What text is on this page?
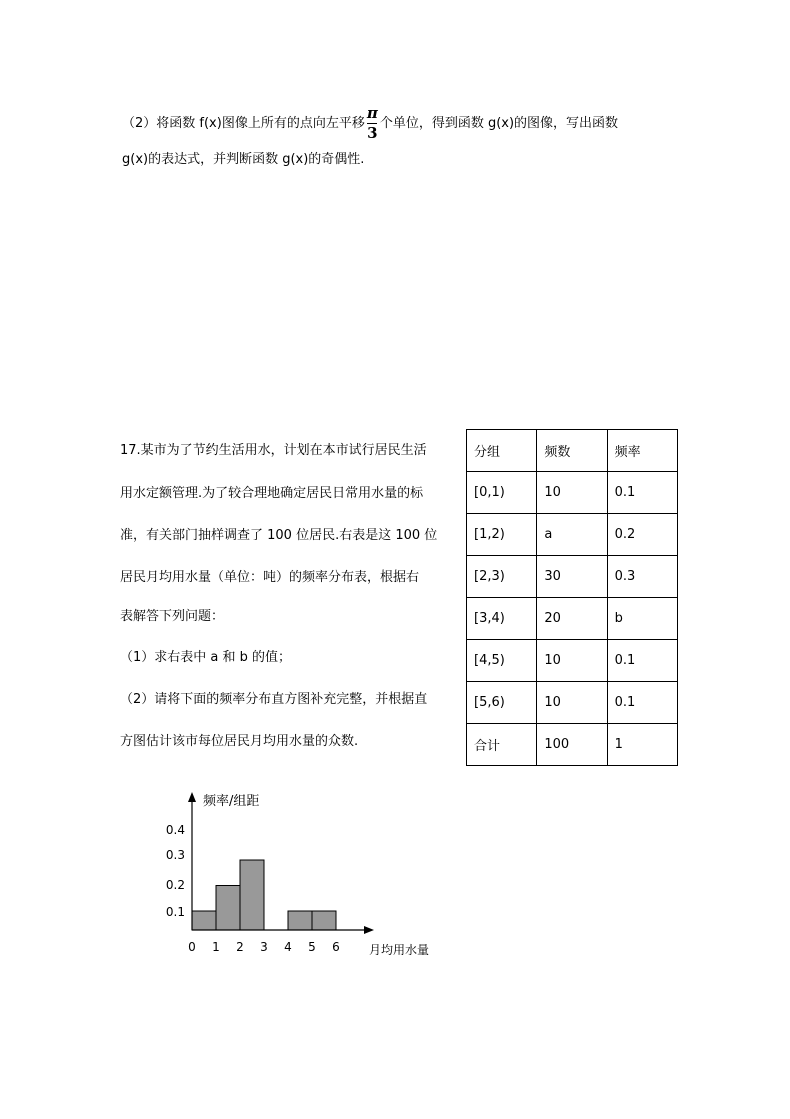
（2）将函数 f(x)图像上所有的点向左平移 $\frac{\pi}{3}$ 个单位，得到函数 g(x)的图像，写出函数
g(x)的表达式，并判断函数 g(x)的奇偶性.
17.某市为了节约生活用水，计划在本市试行居民生活
用水定额管理.为了较合理地确定居民日常用水量的标
准，有关部门抽样调查了 100 位居民.右表是这 100 位
居民月均用水量（单位：吨）的频率分布表，根据右
表解答下列问题：
（1）求右表中 a 和 b 的值；
（2）请将下面的频率分布直方图补充完整，并根据直
方图估计该市每位居民月均用水量的众数.
分组	频数	频率
[0,1)	10	0.1
[1,2)	a	0.2
[2,3)	30	0.3
[3,4)	20	b
[4,5)	10	0.1
[5,6)	10	0.1
合计	100	1
频率/组距
月均用水量
0.1
0.2
0.3
0.4
0 1 2 3 4 5 6
